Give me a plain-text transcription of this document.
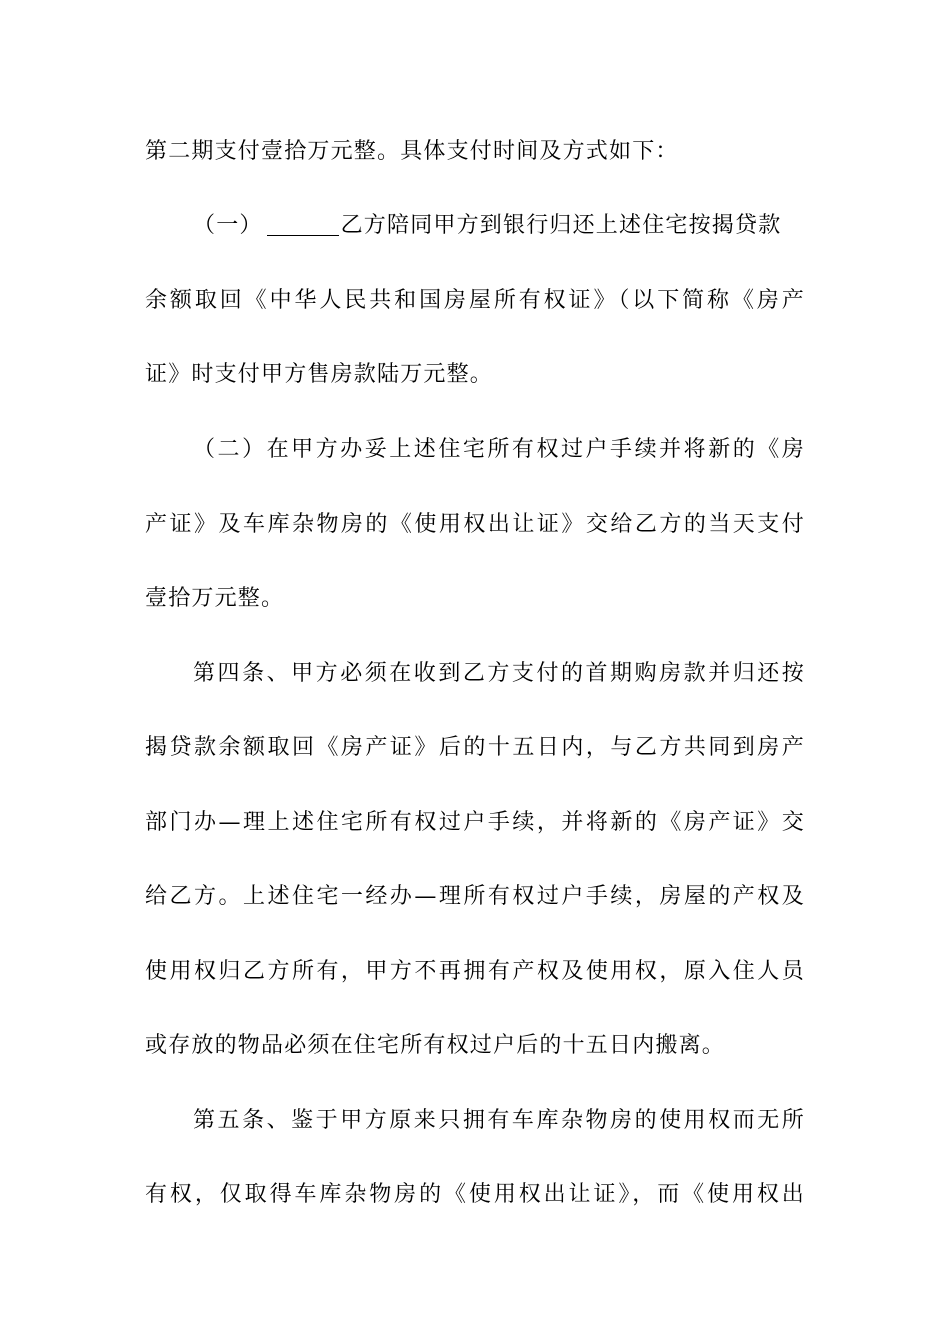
第二期支付壹拾万元整。具体支付时间及方式如下：
（一）	乙方陪同甲方到银行归还上述住宅按揭贷款
余额取回《中华人民共和国房屋所有权证》（以下简称《房产
证》时支付甲方售房款陆万元整。
（二）在甲方办妥上述住宅所有权过户手续并将新的《房
产证》及车库杂物房的《使用权出让证》交给乙方的当天支付
壹拾万元整。
第四条、甲方必须在收到乙方支付的首期购房款并归还按
揭贷款余额取回《房产证》后的十五日内，与乙方共同到房产
部门办—理上述住宅所有权过户手续，并将新的《房产证》交
给乙方。上述住宅一经办—理所有权过户手续，房屋的产权及
使用权归乙方所有，甲方不再拥有产权及使用权，原入住人员
或存放的物品必须在住宅所有权过户后的十五日内搬离。
第五条、鉴于甲方原来只拥有车库杂物房的使用权而无所
有权，仅取得车库杂物房的《使用权出让证》，而《使用权出
